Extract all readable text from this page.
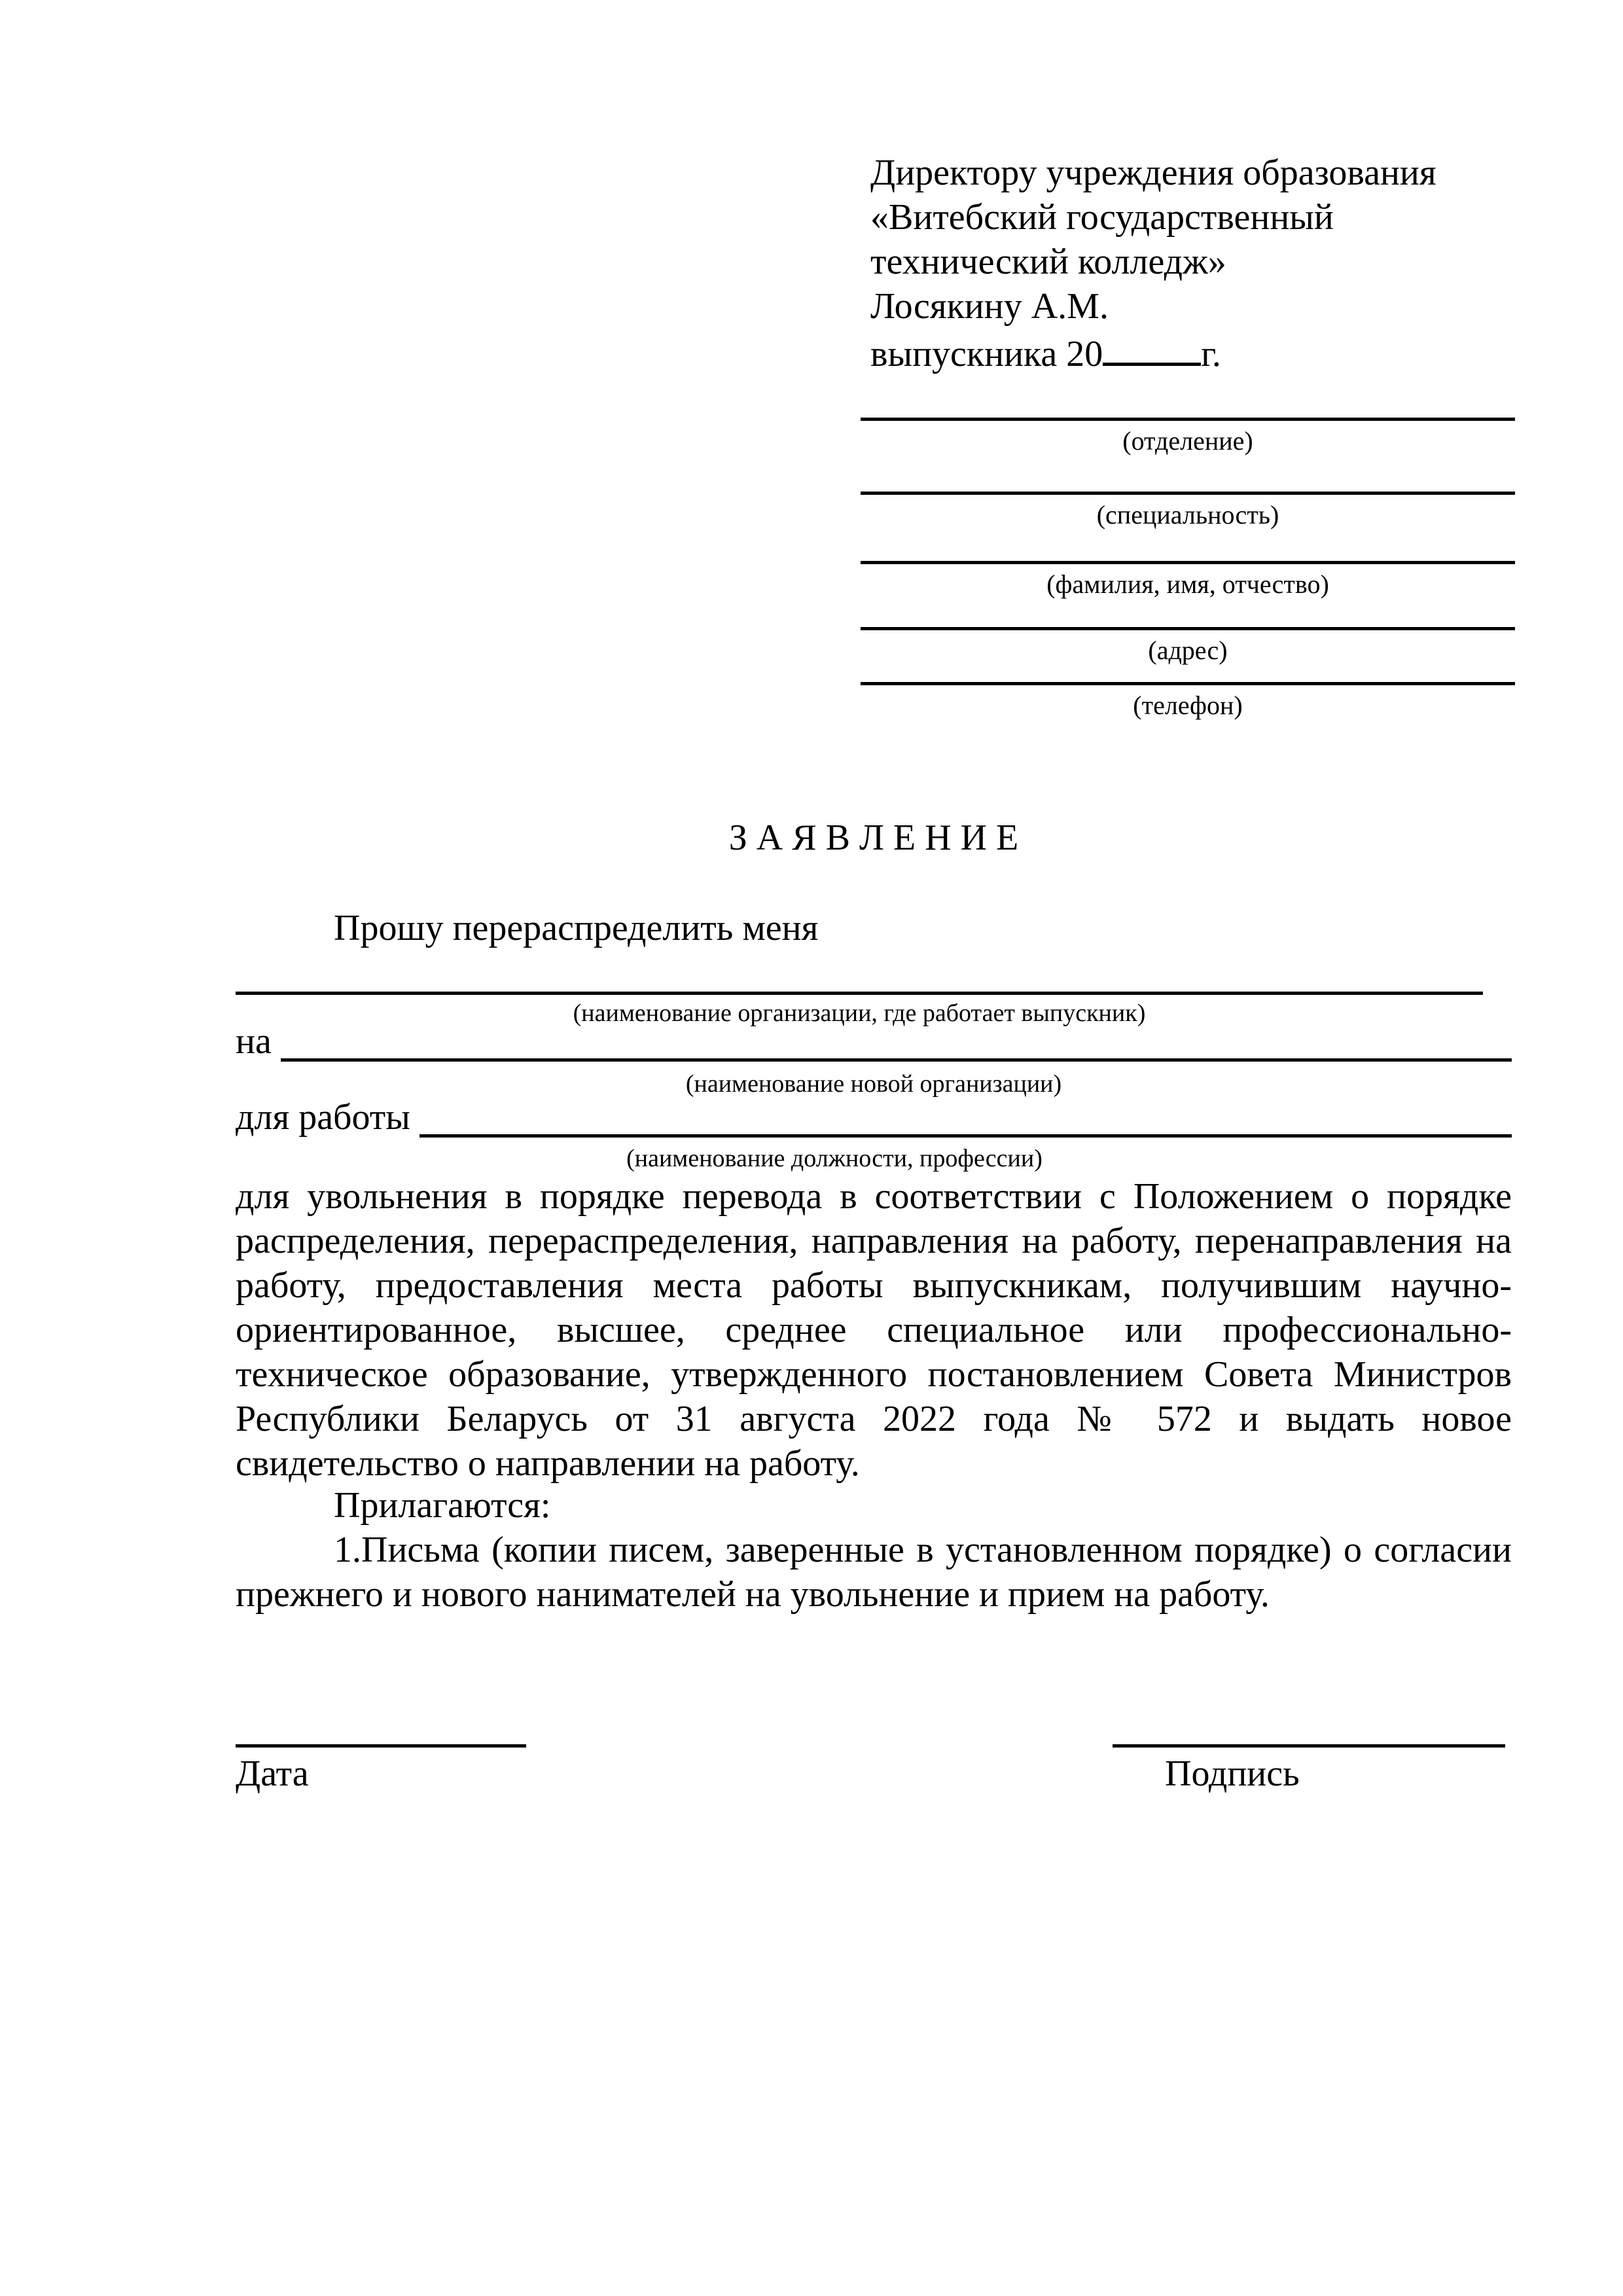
Директору учреждения образования
«Витебский государственный
технический колледж»
Лосякину А.М.
выпускника 20	г.
(отделение)
(специальность)
(фамилия, имя, отчество)
(адрес)
(телефон)
З А Я В Л Е Н И Е
Прошу перераспределить меня
(наименование организации, где работает выпускник)
на
(наименование новой организации)
для работы
(наименование должности, профессии)
для увольнения в порядке перевода в соответствии с Положением о порядке распределения, перераспределения, направления на работу, перенаправления на работу, предоставления места работы выпускникам, получившим научно-ориентированное, высшее, среднее специальное или профессионально-техническое образование, утвержденного постановлением Совета Министров Республики Беларусь от 31 августа 2022 года № 572 и выдать новое свидетельство о направлении на работу.
Прилагаются:
1.Письма (копии писем, заверенные в установленном порядке) о согласии прежнего и нового нанимателей на увольнение и прием на работу.
Дата	Подпись
